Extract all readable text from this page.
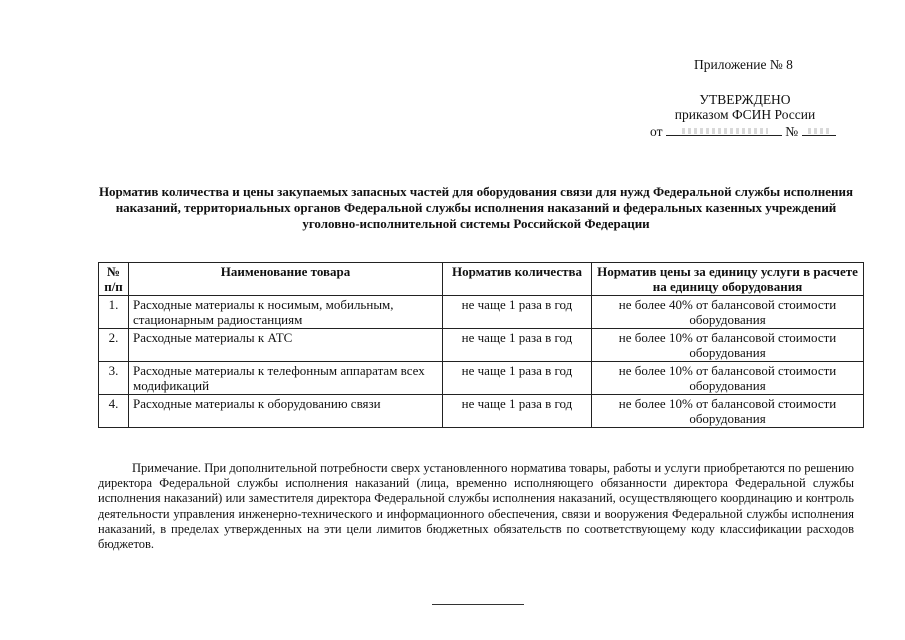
Приложение № 8
УТВЕРЖДЕНО
приказом ФСИН России
от	№
Норматив количества и цены закупаемых запасных частей для оборудования связи для нужд Федеральной службы исполнения наказаний, территориальных органов Федеральной службы исполнения наказаний и федеральных казенных учреждений уголовно-исполнительной системы Российской Федерации
№ п/п	Наименование товара	Норматив количества	Норматив цены за единицу услуги в расчете на единицу оборудования
1.	Расходные материалы к носимым, мобильным, стационарным радиостанциям	не чаще 1 раза в год	не более 40% от балансовой стоимости оборудования
2.	Расходные материалы к АТС	не чаще 1 раза в год	не более 10% от балансовой стоимости оборудования
3.	Расходные материалы к телефонным аппаратам всех модификаций	не чаще 1 раза в год	не более 10% от балансовой стоимости оборудования
4.	Расходные материалы к оборудованию связи	не чаще 1 раза в год	не более 10% от балансовой стоимости оборудования

Примечание. При дополнительной потребности сверх установленного норматива товары, работы и услуги приобретаются по решению директора Федеральной службы исполнения наказаний (лица, временно исполняющего обязанности директора Федеральной службы исполнения наказаний) или заместителя директора Федеральной службы исполнения наказаний, осуществляющего координацию и контроль деятельности управления инженерно-технического и информационного обеспечения, связи и вооружения Федеральной службы исполнения наказаний, в пределах утвержденных на эти цели лимитов бюджетных обязательств по соответствующему коду классификации расходов бюджетов.
